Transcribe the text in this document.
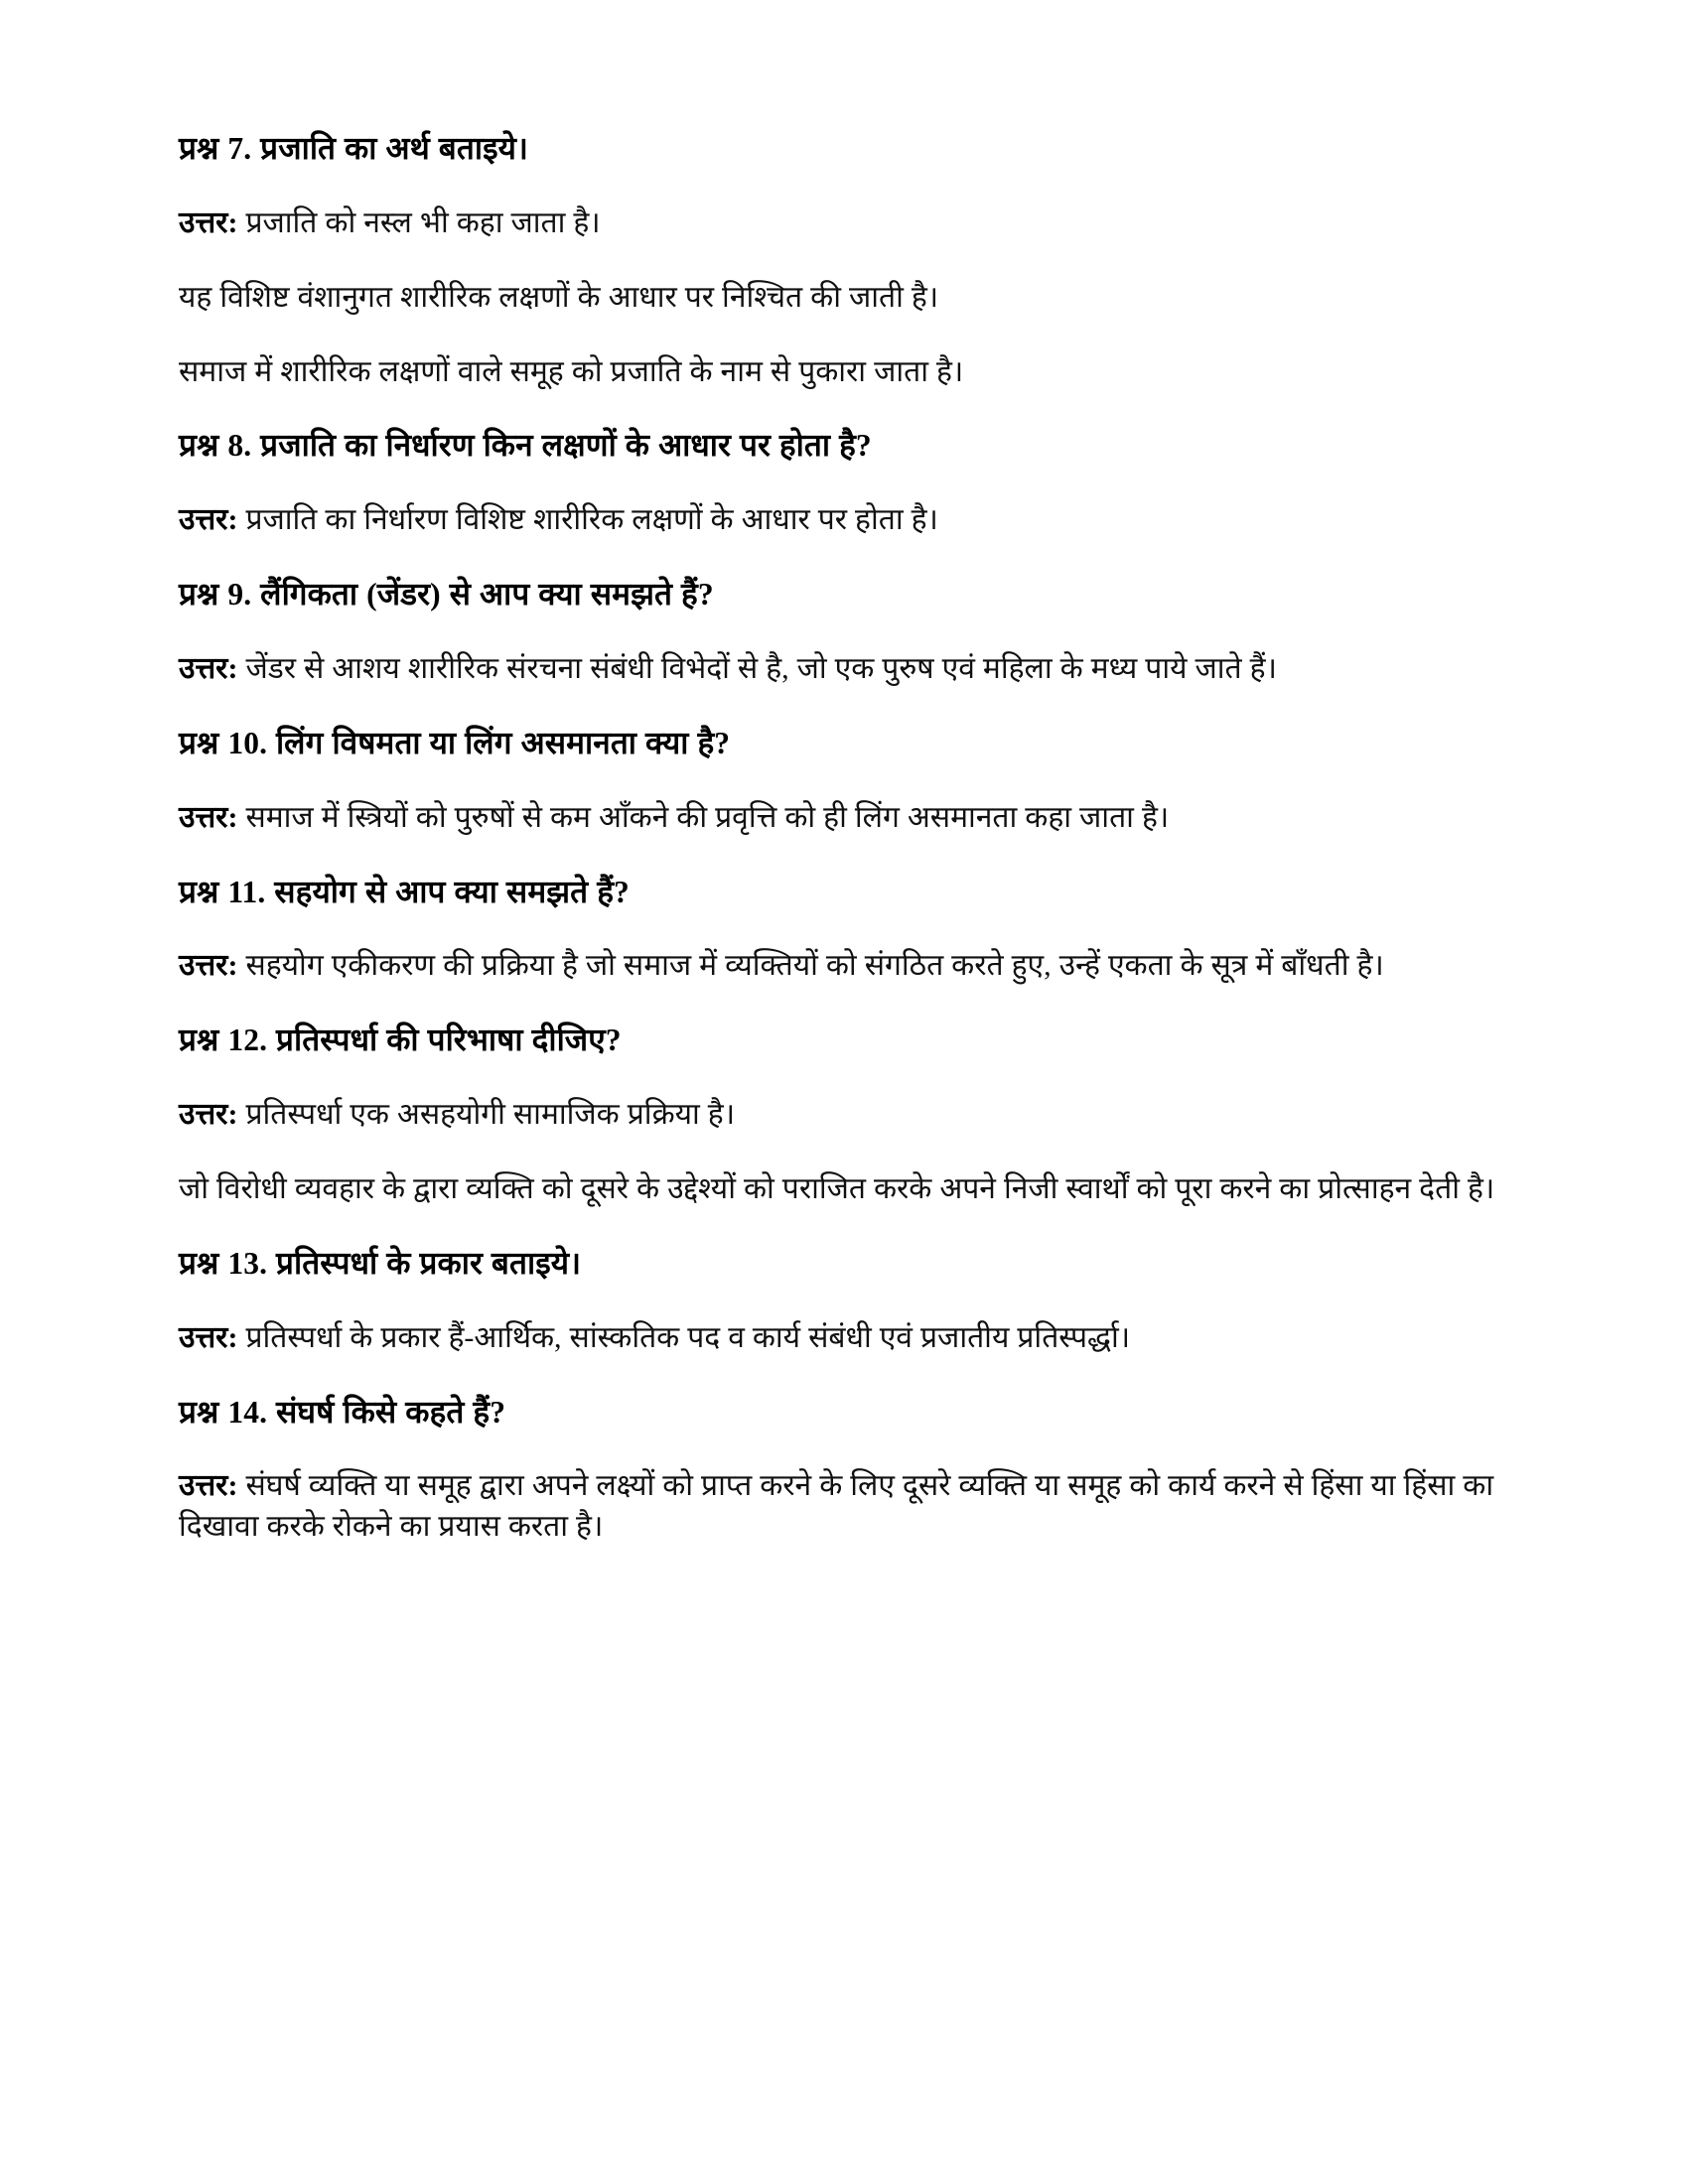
प्रश्न 7. प्रजाति का अर्थ बताइये।

उत्तर: प्रजाति को नस्ल भी कहा जाता है।

यह विशिष्ट वंशानुगत शारीरिक लक्षणों के आधार पर निश्चित की जाती है।

समाज में शारीरिक लक्षणों वाले समूह को प्रजाति के नाम से पुकारा जाता है।

प्रश्न 8. प्रजाति का निर्धारण किन लक्षणों के आधार पर होता है?

उत्तर: प्रजाति का निर्धारण विशिष्ट शारीरिक लक्षणों के आधार पर होता है।

प्रश्न 9. लैंगिकता (जेंडर) से आप क्या समझते हैं?

उत्तर: जेंडर से आशय शारीरिक संरचना संबंधी विभेदों से है, जो एक पुरुष एवं महिला के मध्य पाये जाते हैं।

प्रश्न 10. लिंग विषमता या लिंग असमानता क्या है?

उत्तर: समाज में स्त्रियों को पुरुषों से कम आँकने की प्रवृत्ति को ही लिंग असमानता कहा जाता है।

प्रश्न 11. सहयोग से आप क्या समझते हैं?

उत्तर: सहयोग एकीकरण की प्रक्रिया है जो समाज में व्यक्तियों को संगठित करते हुए, उन्हें एकता के सूत्र में बाँधती है।

प्रश्न 12. प्रतिस्पर्धा की परिभाषा दीजिए?

उत्तर: प्रतिस्पर्धा एक असहयोगी सामाजिक प्रक्रिया है।

जो विरोधी व्यवहार के द्वारा व्यक्ति को दूसरे के उद्देश्यों को पराजित करके अपने निजी स्वार्थों को पूरा करने का प्रोत्साहन देती है।

प्रश्न 13. प्रतिस्पर्धा के प्रकार बताइये।

उत्तर: प्रतिस्पर्धा के प्रकार हैं-आर्थिक, सांस्कतिक पद व कार्य संबंधी एवं प्रजातीय प्रतिस्पर्द्धा।

प्रश्न 14. संघर्ष किसे कहते हैं?

उत्तर: संघर्ष व्यक्ति या समूह द्वारा अपने लक्ष्यों को प्राप्त करने के लिए दूसरे व्यक्ति या समूह को कार्य करने से हिंसा या हिंसा का दिखावा करके रोकने का प्रयास करता है।
